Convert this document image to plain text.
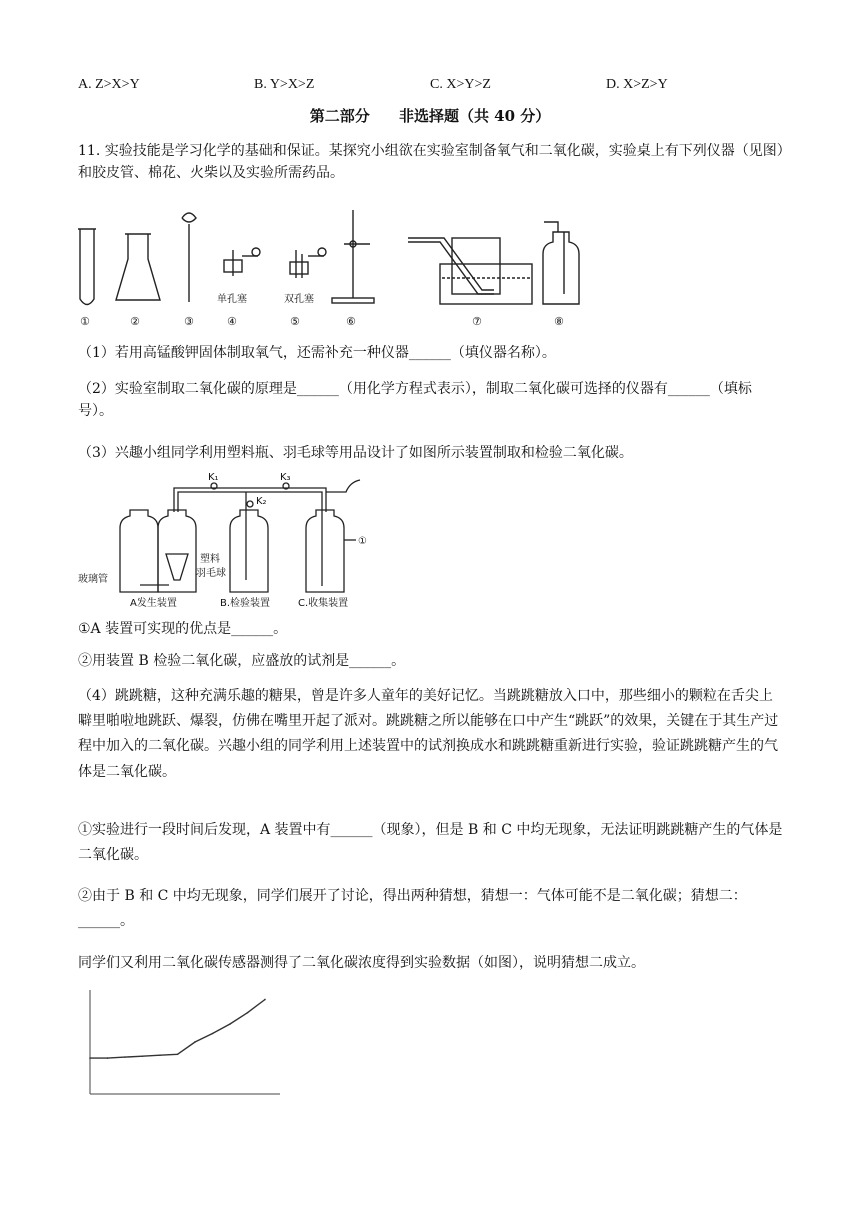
A. Z>X>Y	B. Y>X>Z	C. X>Y>Z	D. X>Z>Y
第二部分 非选择题（共 40 分）
11. 实验技能是学习化学的基础和保证。某探究小组欲在实验室制备氧气和二氧化碳，实验桌上有下列仪器（见图）和胶皮管、棉花、火柴以及实验所需药品。
①	②	③	④	⑤	⑥	⑦	⑧
单孔塞	双孔塞
（1）若用高锰酸钾固体制取氧气，还需补充一种仪器______（填仪器名称）。
（2）实验室制取二氧化碳的原理是______（用化学方程式表示），制取二氧化碳可选择的仪器有______（填标号）。
（3）兴趣小组同学利用塑料瓶、羽毛球等用品设计了如图所示装置制取和检验二氧化碳。
K₁
K₂
K₃
玻璃管
塑料
羽毛球
A发生装置	B.检验装置	C.收集装置
①
①A 装置可实现的优点是______。
②用装置 B 检验二氧化碳，应盛放的试剂是______。
（4）跳跳糖，这种充满乐趣的糖果，曾是许多人童年的美好记忆。当跳跳糖放入口中，那些细小的颗粒在舌尖上噼里啪啦地跳跃、爆裂，仿佛在嘴里开起了派对。跳跳糖之所以能够在口中产生“跳跃”的效果，关键在于其生产过程中加入的二氧化碳。兴趣小组的同学利用上述装置中的试剂换成水和跳跳糖重新进行实验，验证跳跳糖产生的气体是二氧化碳。
①实验进行一段时间后发现，A 装置中有______（现象），但是 B 和 C 中均无现象，无法证明跳跳糖产生的气体是二氧化碳。
②由于 B 和 C 中均无现象，同学们展开了讨论，得出两种猜想，猜想一：气体可能不是二氧化碳；猜想二：______。
同学们又利用二氧化碳传感器测得了二氧化碳浓度得到实验数据（如图），说明猜想二成立。
